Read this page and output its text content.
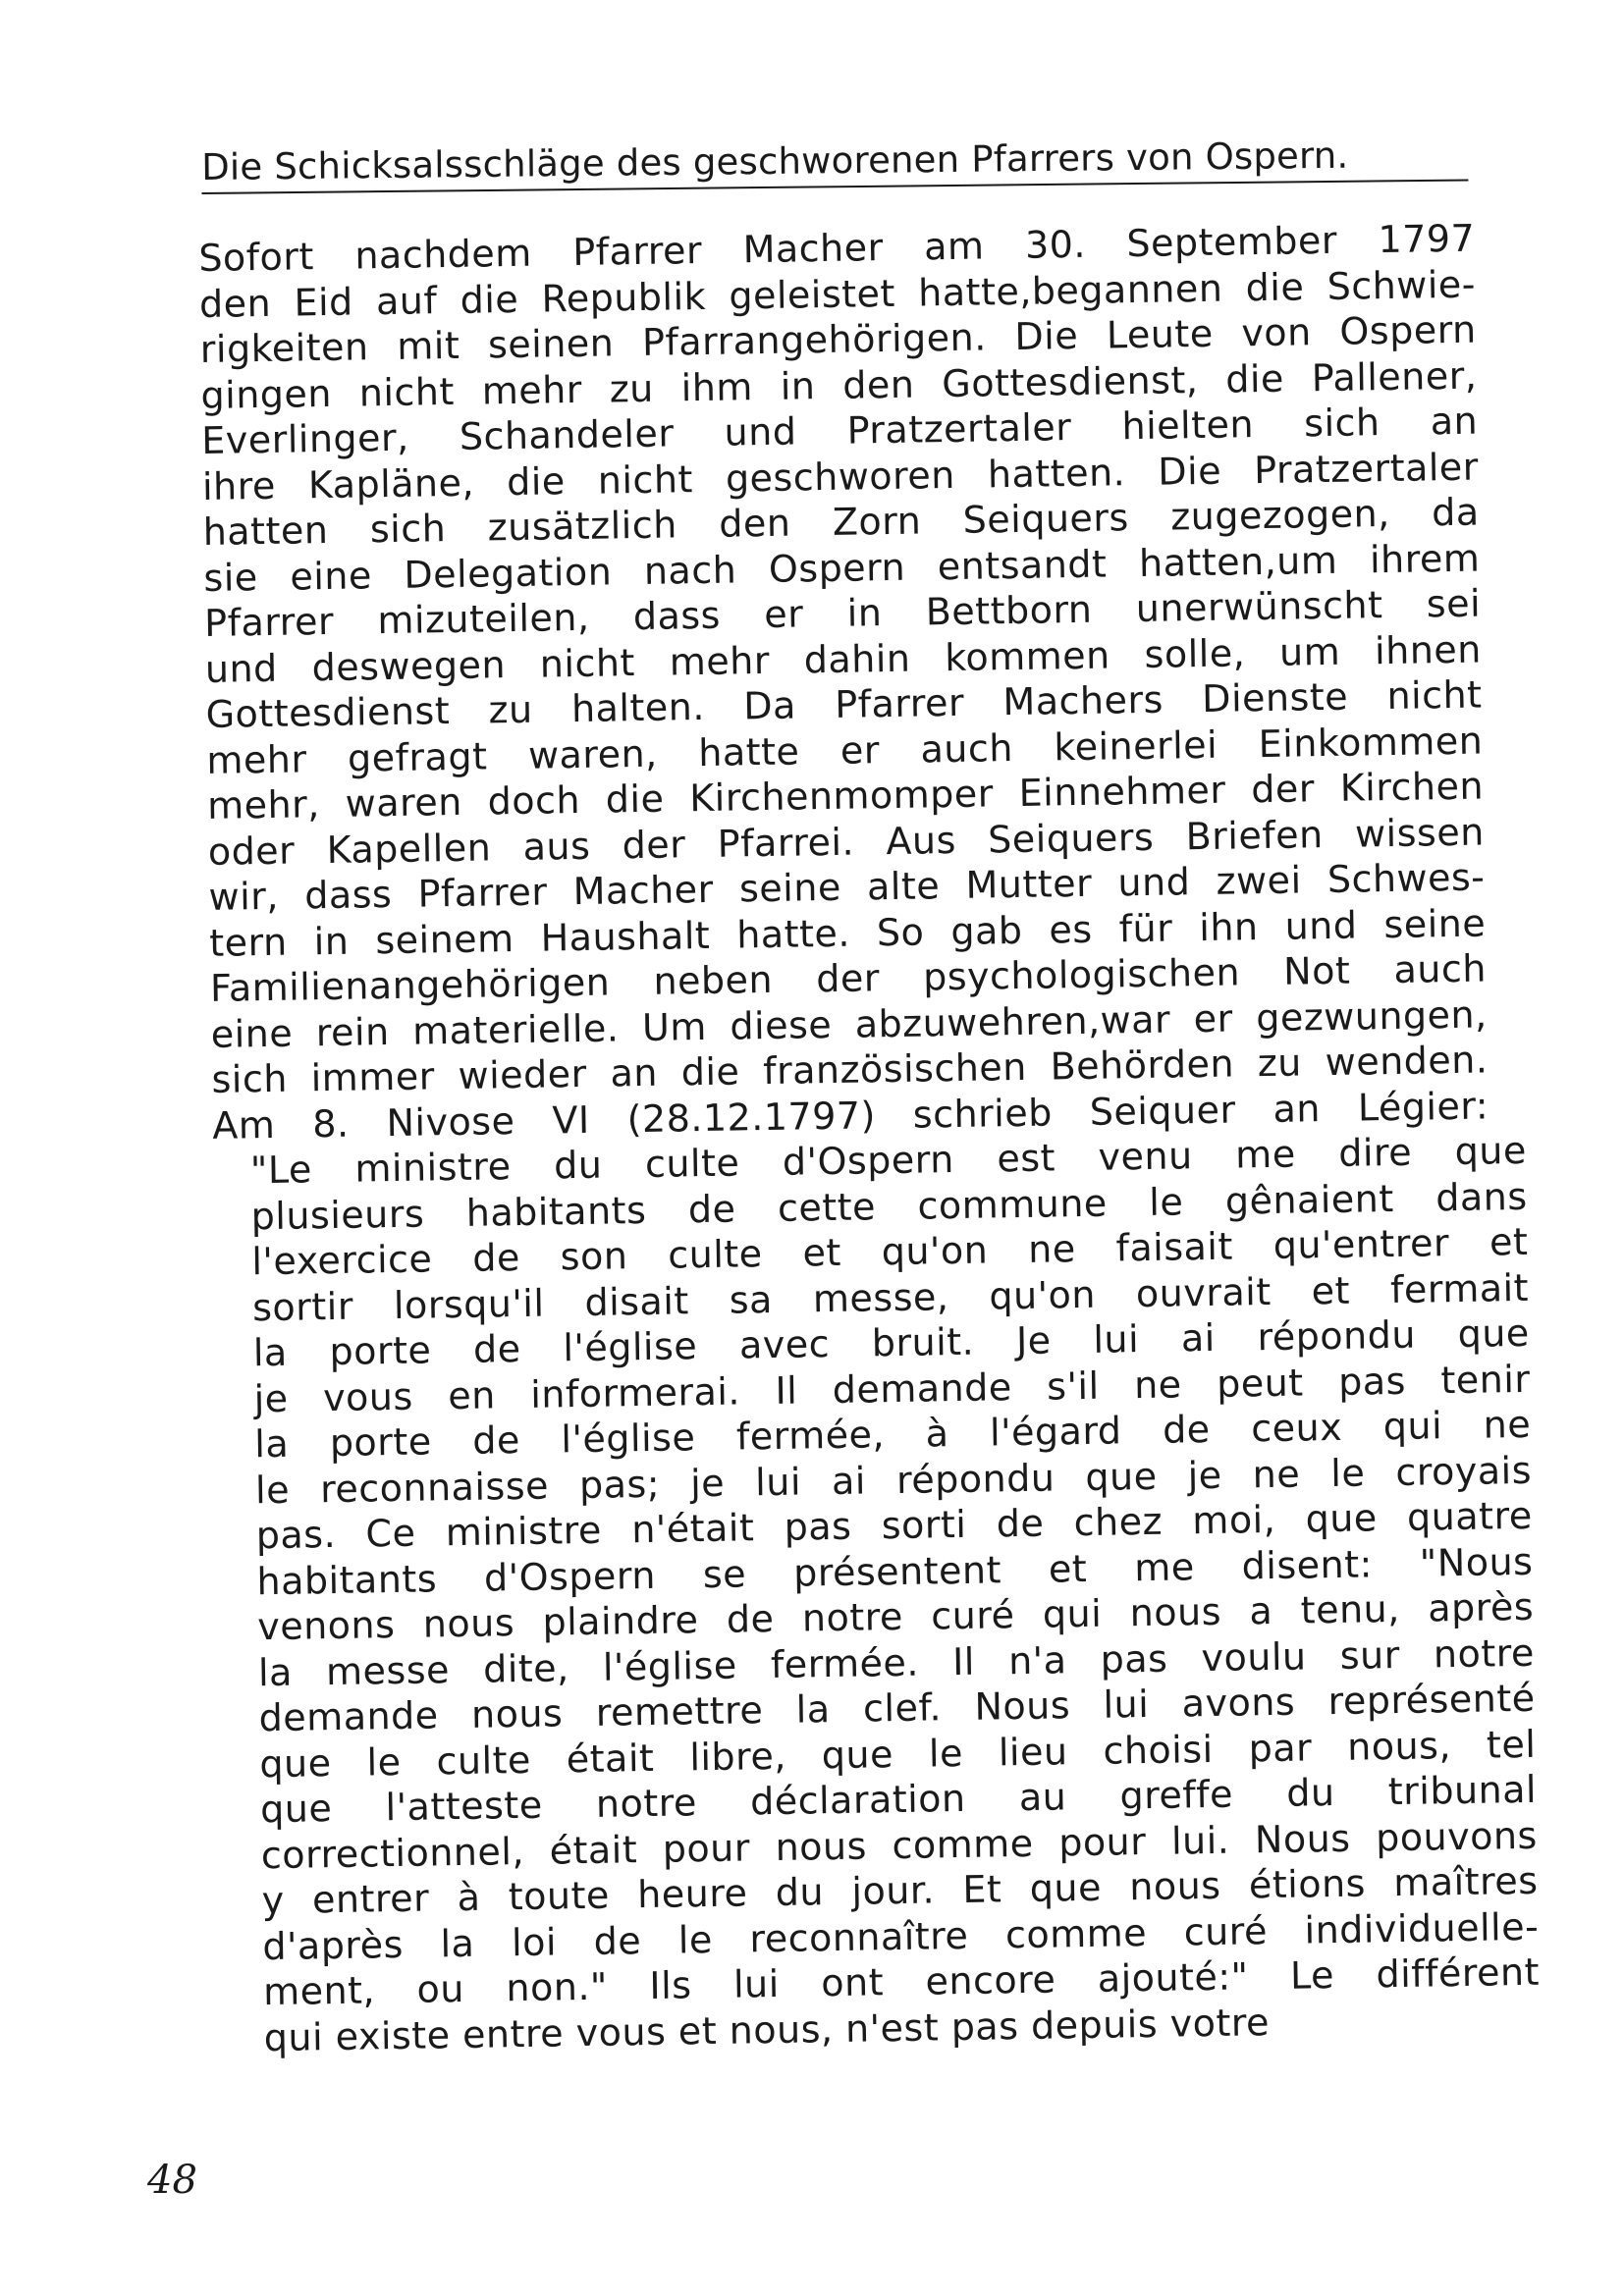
Die Schicksalsschläge des geschworenen Pfarrers von Ospern.
Sofort nachdem Pfarrer Macher am 30. September 1797
den Eid auf die Republik geleistet hatte,begannen die Schwie-
rigkeiten mit seinen Pfarrangehörigen. Die Leute von Ospern
gingen nicht mehr zu ihm in den Gottesdienst, die Pallener,
Everlinger, Schandeler und Pratzertaler hielten sich an
ihre Kapläne, die nicht geschworen hatten. Die Pratzertaler
hatten sich zusätzlich den Zorn Seiquers zugezogen, da
sie eine Delegation nach Ospern entsandt hatten,um ihrem
Pfarrer mizuteilen, dass er in Bettborn unerwünscht sei
und deswegen nicht mehr dahin kommen solle, um ihnen
Gottesdienst zu halten. Da Pfarrer Machers Dienste nicht
mehr gefragt waren, hatte er auch keinerlei Einkommen
mehr, waren doch die Kirchenmomper Einnehmer der Kirchen
oder Kapellen aus der Pfarrei. Aus Seiquers Briefen wissen
wir, dass Pfarrer Macher seine alte Mutter und zwei Schwes-
tern in seinem Haushalt hatte. So gab es für ihn und seine
Familienangehörigen neben der psychologischen Not auch
eine rein materielle. Um diese abzuwehren,war er gezwungen,
sich immer wieder an die französischen Behörden zu wenden.
Am 8. Nivose VI (28.12.1797) schrieb Seiquer an Légier:
"Le ministre du culte d'Ospern est venu me dire que
plusieurs habitants de cette commune le gênaient dans
l'exercice de son culte et qu'on ne faisait qu'entrer et
sortir lorsqu'il disait sa messe, qu'on ouvrait et fermait
la porte de l'église avec bruit. Je lui ai répondu que
je vous en informerai. Il demande s'il ne peut pas tenir
la porte de l'église fermée, à l'égard de ceux qui ne
le reconnaisse pas; je lui ai répondu que je ne le croyais
pas. Ce ministre n'était pas sorti de chez moi, que quatre
habitants d'Ospern se présentent et me disent: "Nous
venons nous plaindre de notre curé qui nous a tenu, après
la messe dite, l'église fermée. Il n'a pas voulu sur notre
demande nous remettre la clef. Nous lui avons représenté
que le culte était libre, que le lieu choisi par nous, tel
que l'atteste notre déclaration au greffe du tribunal
correctionnel, était pour nous comme pour lui. Nous pouvons
y entrer à toute heure du jour. Et que nous étions maîtres
d'après la loi de le reconnaître comme curé individuelle-
ment, ou non." Ils lui ont encore ajouté:" Le différent
qui existe entre vous et nous, n'est pas depuis votre
48
